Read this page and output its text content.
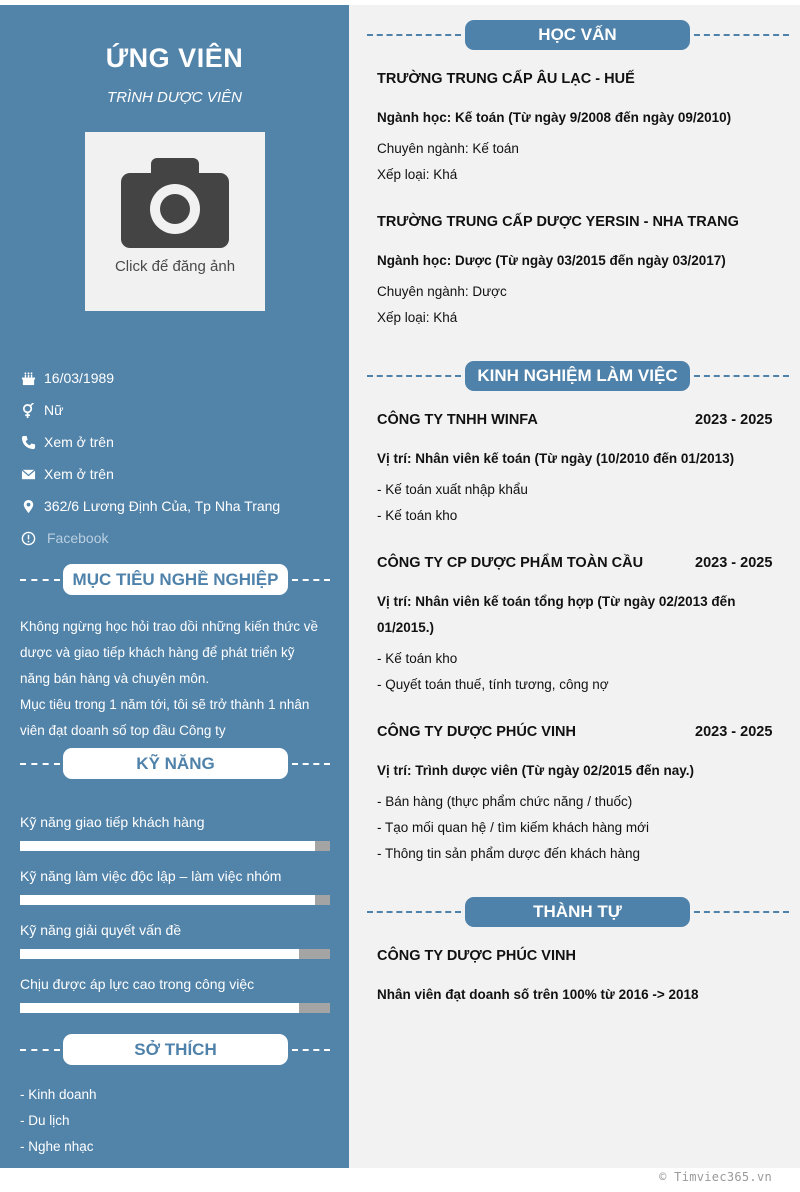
ỨNG VIÊN
TRÌNH DƯỢC VIÊN
Click để đăng ảnh
16/03/1989
Nữ
Xem ở trên
Xem ở trên
362/6 Lương Định Của, Tp Nha Trang
Facebook
MỤC TIÊU NGHỀ NGHIỆP
Không ngừng học hỏi trao dồi những kiến thức về
dược và giao tiếp khách hàng để phát triển kỹ
năng bán hàng và chuyên môn.
Mục tiêu trong 1 năm tới, tôi sẽ trở thành 1 nhân
viên đạt doanh số top đầu Công ty
KỸ NĂNG
Kỹ năng giao tiếp khách hàng
Kỹ năng làm việc độc lập – làm việc nhóm
Kỹ năng giải quyết vấn đề
Chịu được áp lực cao trong công việc
SỞ THÍCH
- Kinh doanh
- Du lịch
- Nghe nhạc
HỌC VẤN
TRƯỜNG TRUNG CẤP ÂU LẠC - HUẾ
Ngành học: Kế toán (Từ ngày 9/2008 đến ngày 09/2010)
Chuyên ngành: Kế toán
Xếp loại: Khá
TRƯỜNG TRUNG CẤP DƯỢC YERSIN - NHA TRANG
Ngành học: Dược (Từ ngày 03/2015 đến ngày 03/2017)
Chuyên ngành: Dược
Xếp loại: Khá
KINH NGHIỆM LÀM VIỆC
CÔNG TY TNHH WINFA	2023 - 2025
Vị trí: Nhân viên kế toán (Từ ngày (10/2010 đến 01/2013)
- Kế toán xuất nhập khẩu
- Kế toán kho
CÔNG TY CP DƯỢC PHẨM TOÀN CẦU	2023 - 2025
Vị trí: Nhân viên kế toán tổng hợp (Từ ngày 02/2013 đến
01/2015.)
- Kế toán kho
- Quyết toán thuế, tính tương, công nợ
CÔNG TY DƯỢC PHÚC VINH	2023 - 2025
Vị trí: Trình dược viên (Từ ngày 02/2015 đến nay.)
- Bán hàng (thực phẩm chức năng / thuốc)
- Tạo mối quan hệ / tìm kiếm khách hàng mới
- Thông tin sản phẩm dược đến khách hàng
THÀNH TỰ
CÔNG TY DƯỢC PHÚC VINH
Nhân viên đạt doanh số trên 100% từ 2016 -> 2018
© Timviec365.vn
